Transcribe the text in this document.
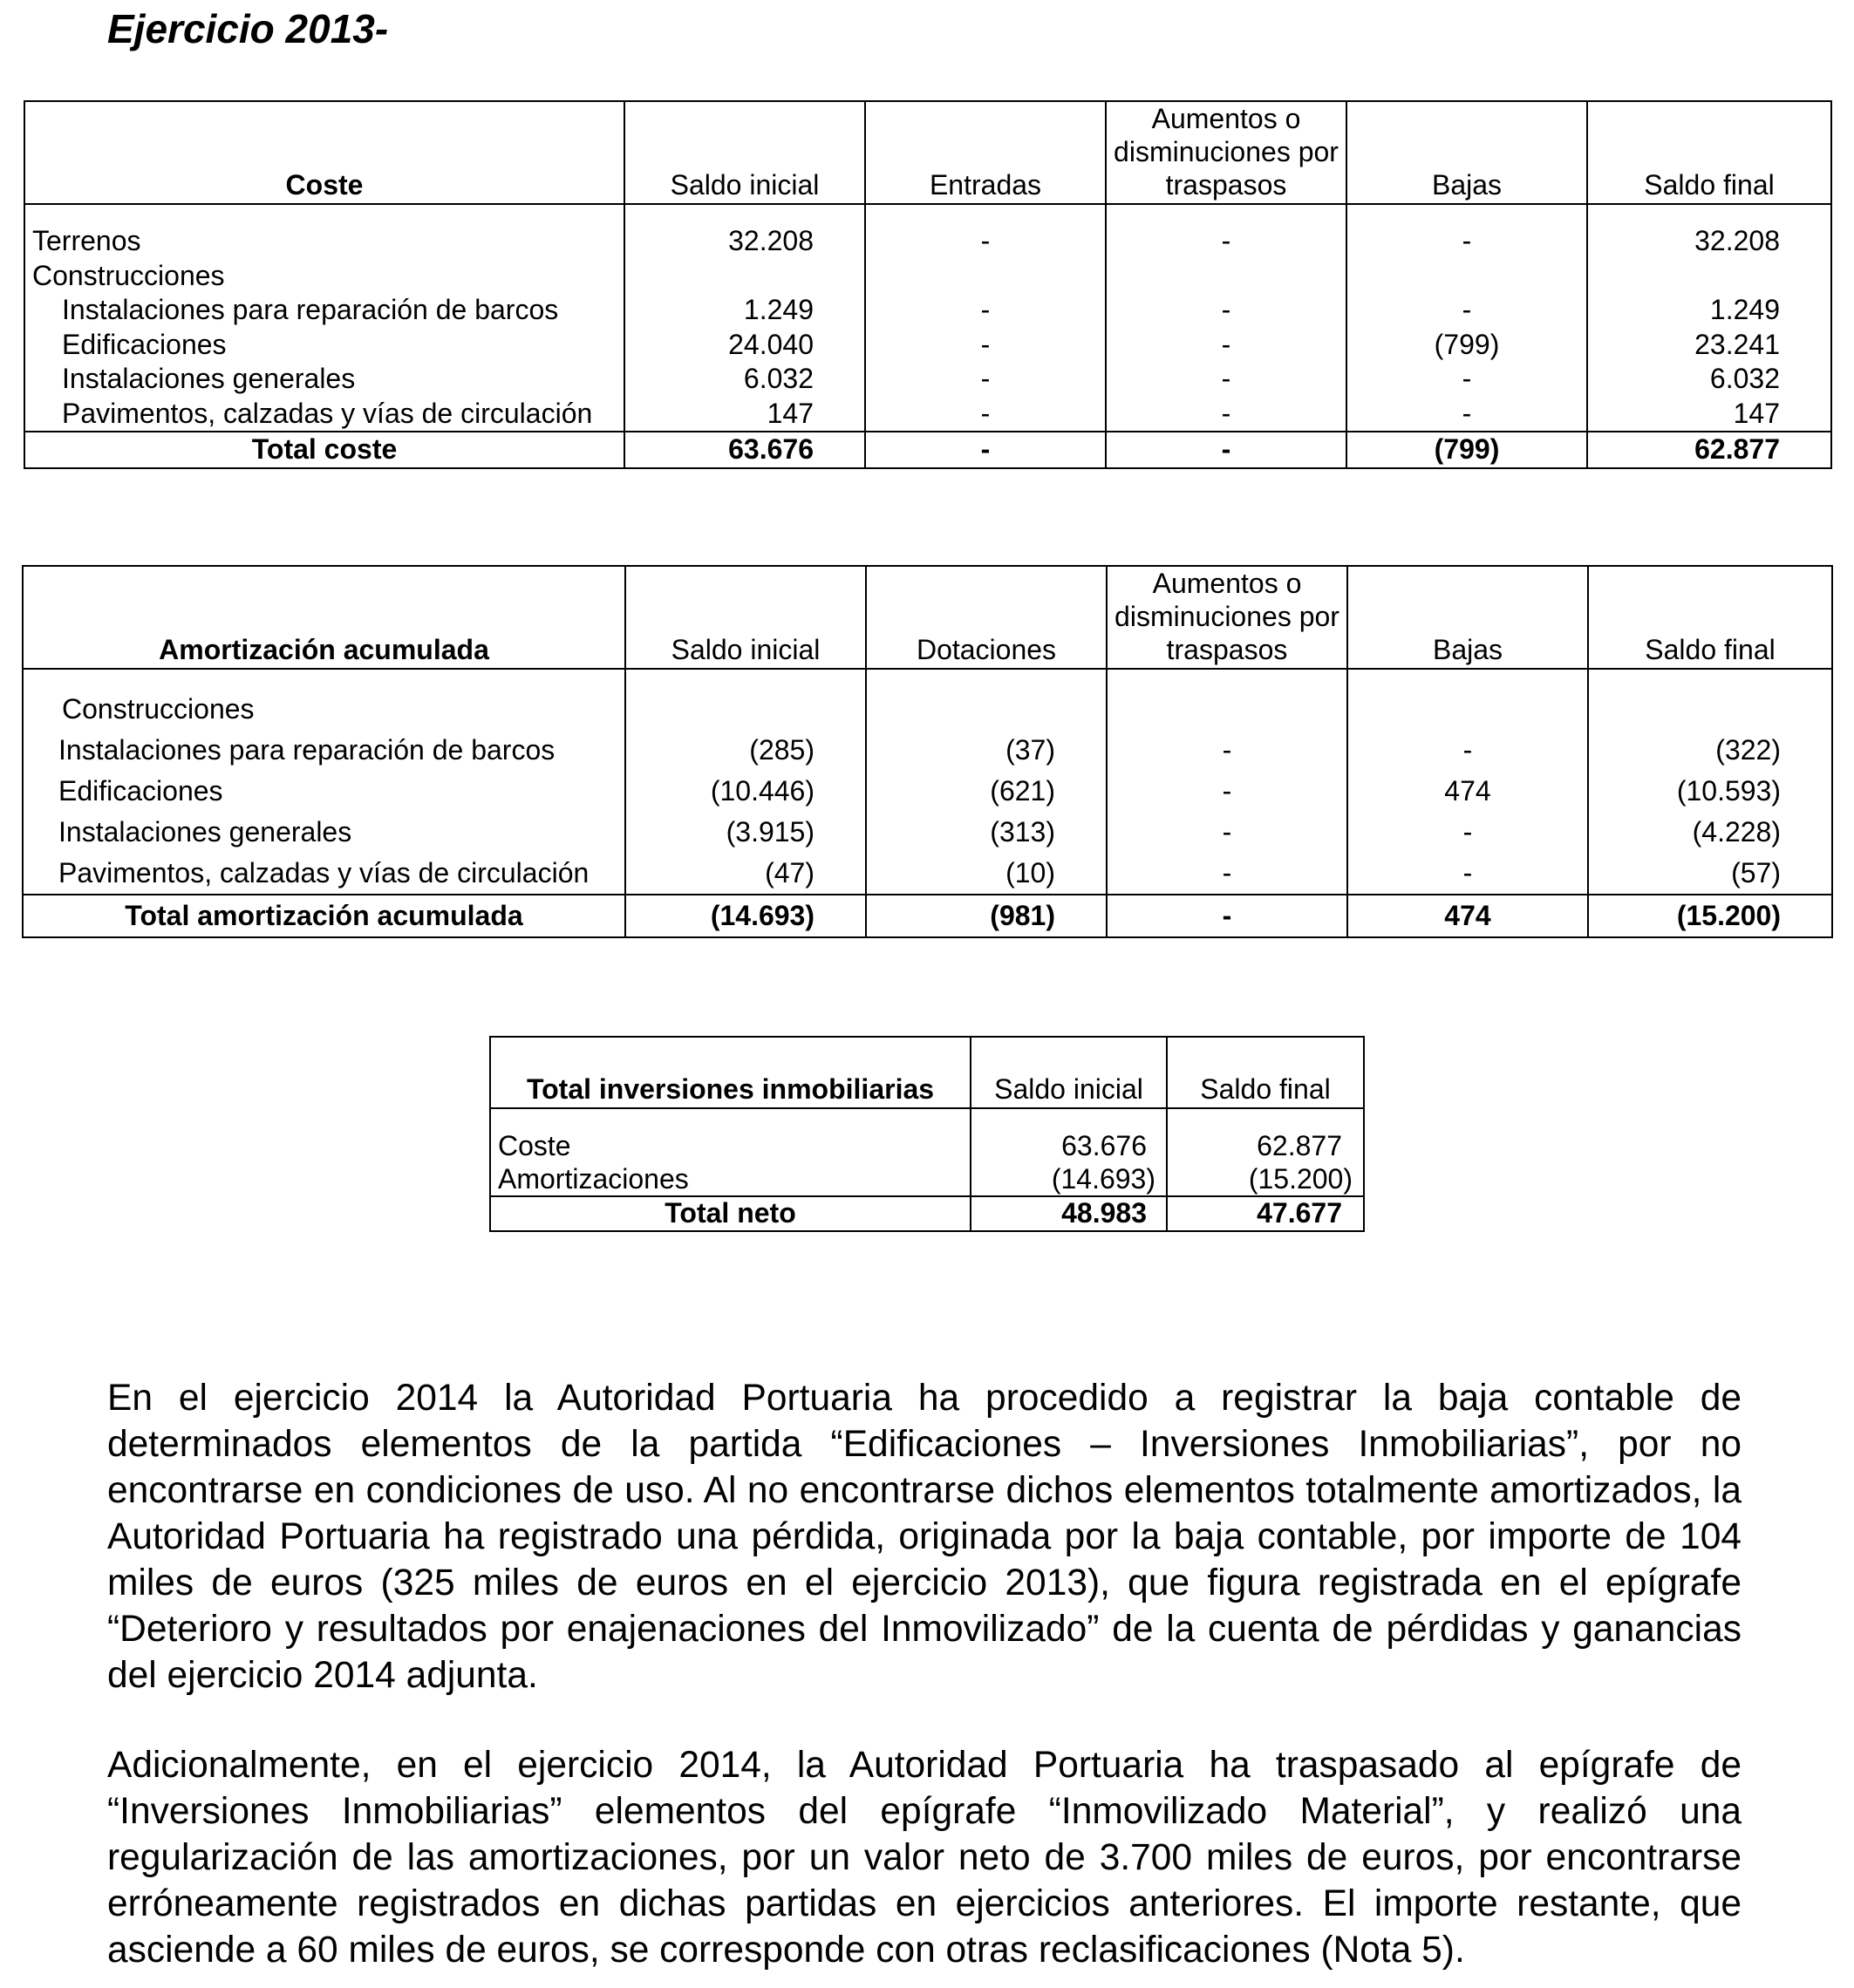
Ejercicio 2013-
Coste	Saldo inicial	Entradas	Aumentos o disminuciones por traspasos	Bajas	Saldo final

Terrenos	32.208	-	-	-	32.208
Construcciones					
Instalaciones para reparación de barcos	1.249	-	-	-	1.249
Edificaciones	24.040	-	-	(799)	23.241
Instalaciones generales	6.032	-	-	-	6.032
Pavimentos, calzadas y vías de circulación	147	-	-	-	147
Total coste	63.676	-	-	(799)	62.877
Amortización acumulada	Saldo inicial	Dotaciones	Aumentos o disminuciones por traspasos	Bajas	Saldo final

Construcciones					
Instalaciones para reparación de barcos	(285)	(37)	-	-	(322)
Edificaciones	(10.446)	(621)	-	474	(10.593)
Instalaciones generales	(3.915)	(313)	-	-	(4.228)
Pavimentos, calzadas y vías de circulación	(47)	(10)	-	-	(57)
Total amortización acumulada	(14.693)	(981)	-	474	(15.200)
Total inversiones inmobiliarias	Saldo inicial	Saldo final

Coste	63.676	62.877
Amortizaciones	(14.693)	(15.200)
Total neto	48.983	47.677

En el ejercicio 2014 la Autoridad Portuaria ha procedido a registrar la baja contable de determinados elementos de la partida “Edificaciones – Inversiones Inmobiliarias”, por no encontrarse en condiciones de uso. Al no encontrarse dichos elementos totalmente amortizados, la Autoridad Portuaria ha registrado una pérdida, originada por la baja contable, por importe de 104 miles de euros (325 miles de euros en el ejercicio 2013), que figura registrada en el epígrafe “Deterioro y resultados por enajenaciones del Inmovilizado” de la cuenta de pérdidas y ganancias del ejercicio 2014 adjunta.

Adicionalmente, en el ejercicio 2014, la Autoridad Portuaria ha traspasado al epígrafe de “Inversiones Inmobiliarias” elementos del epígrafe “Inmovilizado Material”, y realizó una regularización de las amortizaciones, por un valor neto de 3.700 miles de euros, por encontrarse erróneamente registrados en dichas partidas en ejercicios anteriores. El importe restante, que asciende a 60 miles de euros, se corresponde con otras reclasificaciones (Nota 5).
